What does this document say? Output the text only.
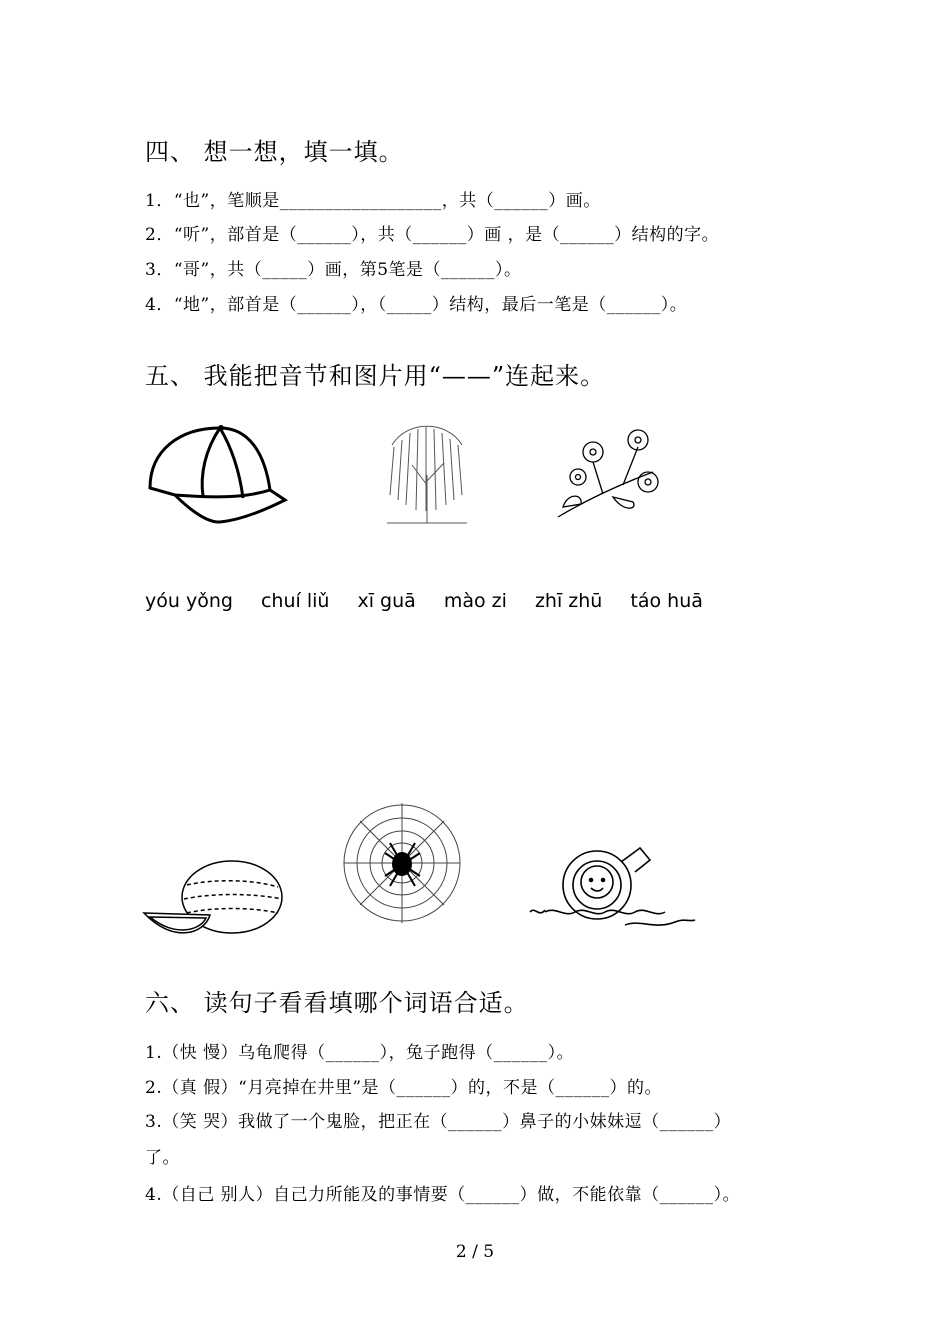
四、 想一想，填一填。
1．“也”，笔顺是__________________，共（______）画。
2．“听”，部首是（______），共（______）画 ，是（______）结构的字。
3．“哥”，共（_____）画，第5笔是（______）。
4．“地”，部首是（______），（_____）结构，最后一笔是（______）。
五、 我能把音节和图片用“——”连起来。
yóu yǒng chuí liǔ xī guā mào zi zhī zhū táo huā
六、 读句子看看填哪个词语合适。
1.（快 慢）乌龟爬得（______），兔子跑得（______）。
2.（真 假）“月亮掉在井里”是（______）的，不是（______）的。
3.（笑 哭）我做了一个鬼脸，把正在（______）鼻子的小妹妹逗（______）
了。
4.（自己 别人）自己力所能及的事情要（______）做，不能依靠（______）。
2 / 5
